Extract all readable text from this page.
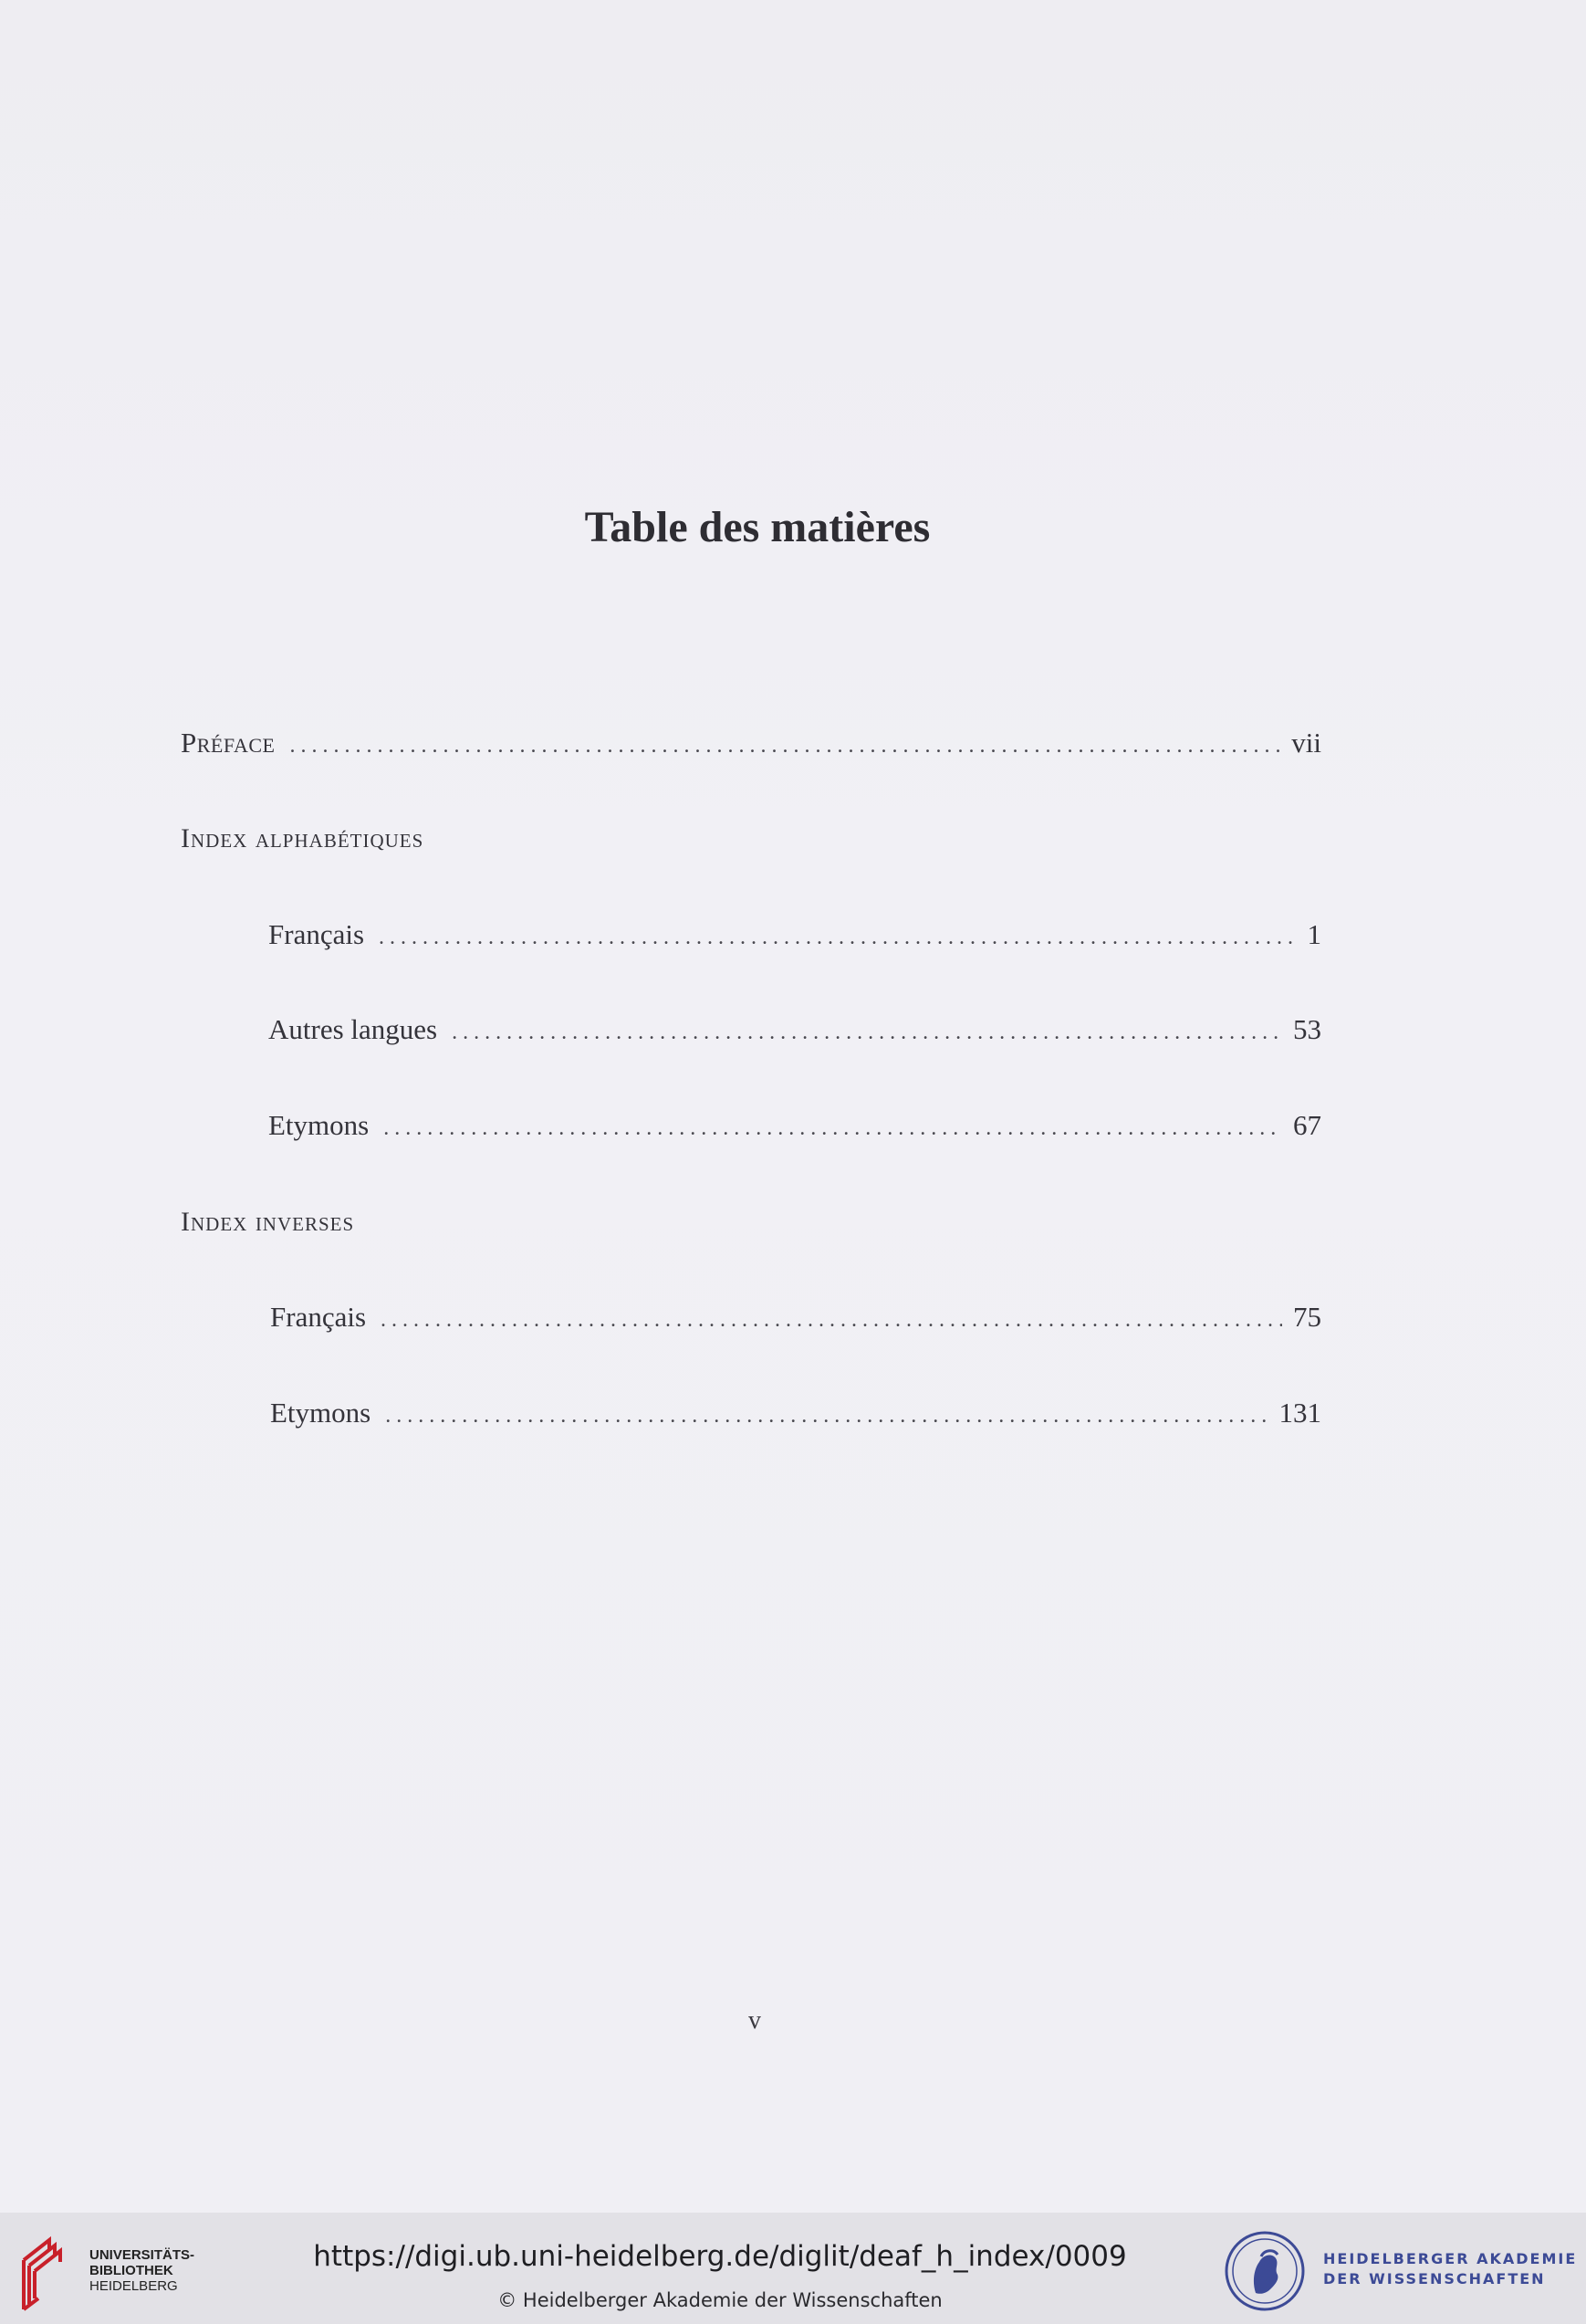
Table des matières
Préface .....	vii
Index alphabétiques
Français .....	1
Autres langues .....	53
Etymons .....	67
Index inverses
Français .....	75
Etymons .....	131
v
UNIVERSITÄTS-
BIBLIOTHEK
HEIDELBERG
https://digi.ub.uni-heidelberg.de/diglit/deaf_h_index/0009
© Heidelberger Akademie der Wissenschaften
HEIDELBERGER AKADEMIE
DER WISSENSCHAFTEN
